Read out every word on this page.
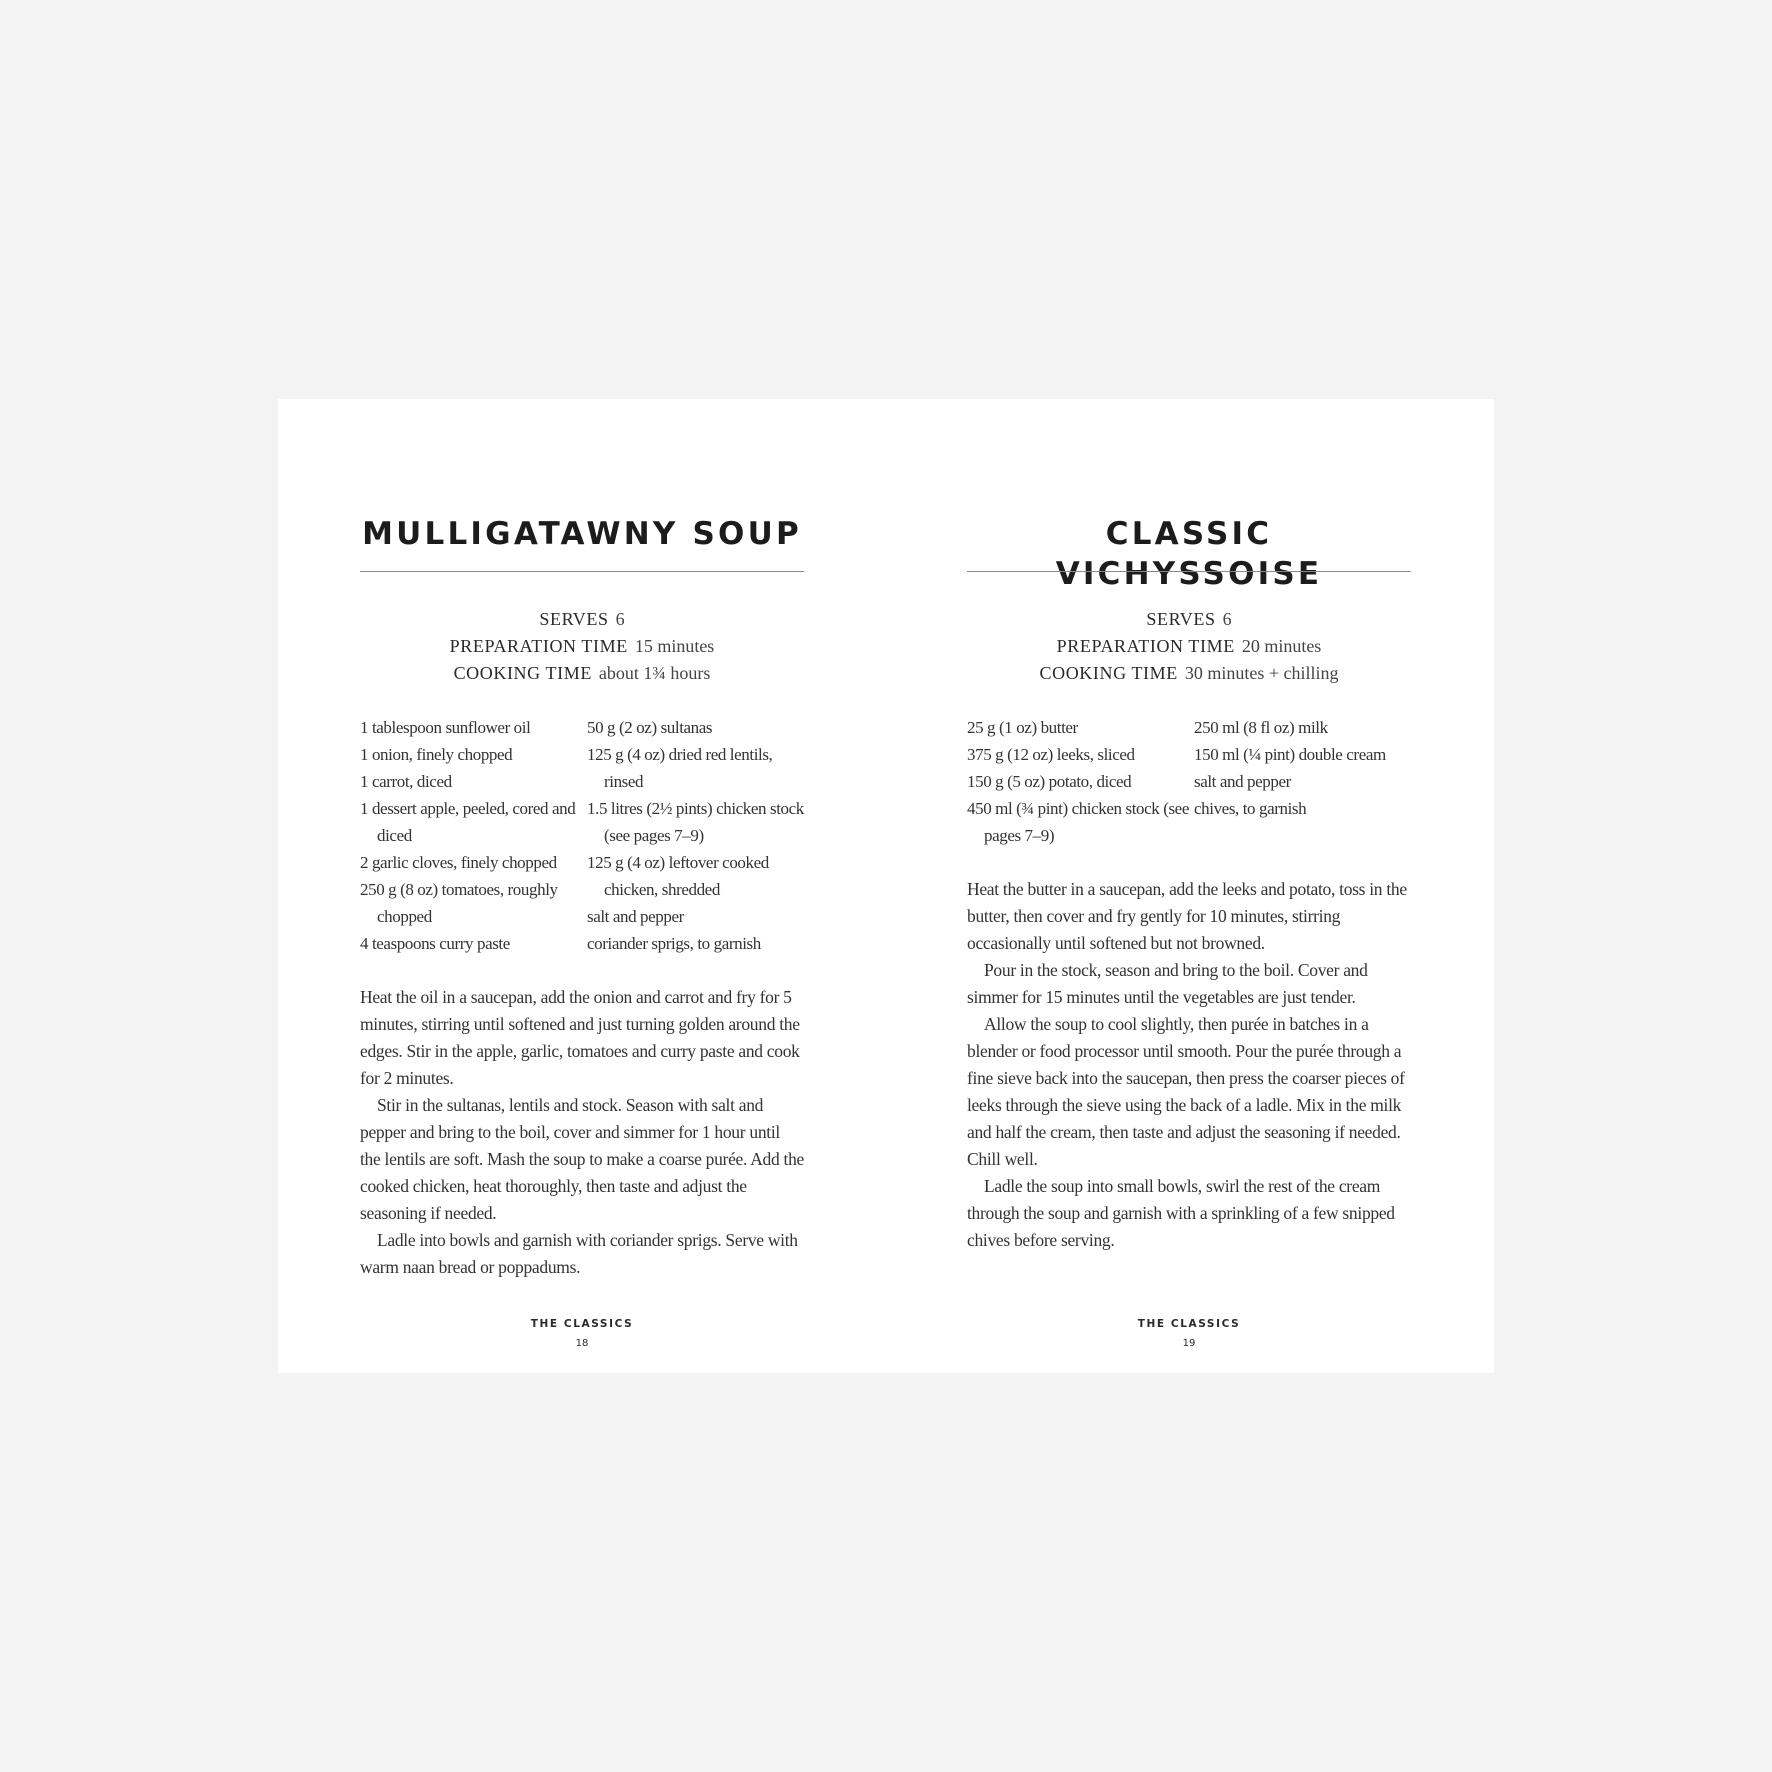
MULLIGATAWNY SOUP
SERVES 6
PREPARATION TIME 15 minutes
COOKING TIME about 1¾ hours
1 tablespoon sunflower oil
1 onion, finely chopped
1 carrot, diced
1 dessert apple, peeled, cored and diced
2 garlic cloves, finely chopped
250 g (8 oz) tomatoes, roughly chopped
4 teaspoons curry paste
50 g (2 oz) sultanas
125 g (4 oz) dried red lentils, rinsed
1.5 litres (2½ pints) chicken stock (see pages 7–9)
125 g (4 oz) leftover cooked chicken, shredded
salt and pepper
coriander sprigs, to garnish

Heat the oil in a saucepan, add the onion and carrot and fry for 5 minutes, stirring until softened and just turning golden around the edges. Stir in the apple, garlic, tomatoes and curry paste and cook for 2 minutes.

Stir in the sultanas, lentils and stock. Season with salt and pepper and bring to the boil, cover and simmer for 1 hour until the lentils are soft. Mash the soup to make a coarse purée. Add the cooked chicken, heat thoroughly, then taste and adjust the seasoning if needed.

Ladle into bowls and garnish with coriander sprigs. Serve with warm naan bread or poppadums.

THE CLASSICS
18
CLASSIC VICHYSSOISE
SERVES 6
PREPARATION TIME 20 minutes
COOKING TIME 30 minutes + chilling
25 g (1 oz) butter
375 g (12 oz) leeks, sliced
150 g (5 oz) potato, diced
450 ml (¾ pint) chicken stock (see pages 7–9)
250 ml (8 fl oz) milk
150 ml (¼ pint) double cream
salt and pepper
chives, to garnish

Heat the butter in a saucepan, add the leeks and potato, toss in the butter, then cover and fry gently for 10 minutes, stirring occasionally until softened but not browned.

Pour in the stock, season and bring to the boil. Cover and simmer for 15 minutes until the vegetables are just tender.

Allow the soup to cool slightly, then purée in batches in a blender or food processor until smooth. Pour the purée through a fine sieve back into the saucepan, then press the coarser pieces of leeks through the sieve using the back of a ladle. Mix in the milk and half the cream, then taste and adjust the seasoning if needed. Chill well.

Ladle the soup into small bowls, swirl the rest of the cream through the soup and garnish with a sprinkling of a few snipped chives before serving.

THE CLASSICS
19
